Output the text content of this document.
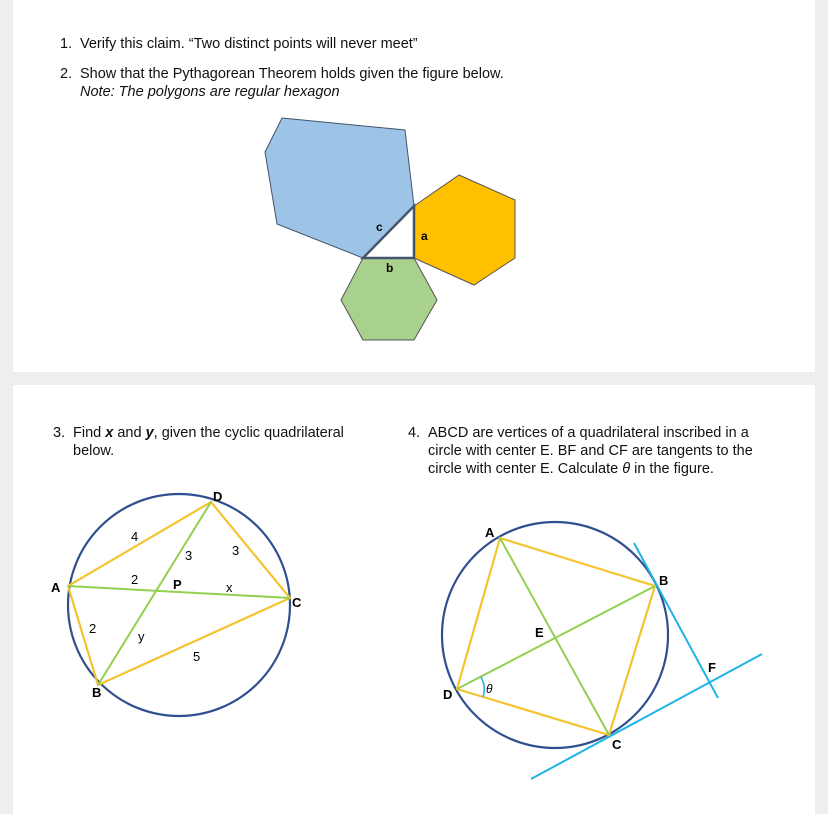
1. Verify this claim. “Two distinct points will never meet”
2. Show that the Pythagorean Theorem holds given the figure below.
Note: The polygons are regular hexagon
c
a
b
3. Find x and y, given the cyclic quadrilateral below.
4. ABCD are vertices of a quadrilateral inscribed in a circle with center E. BF and CF are tangents to the circle with center E. Calculate θ in the figure.
A
B
C
D
P
4
3	3
2
x
2
y
5
θ
A
B
C
D
E
F
